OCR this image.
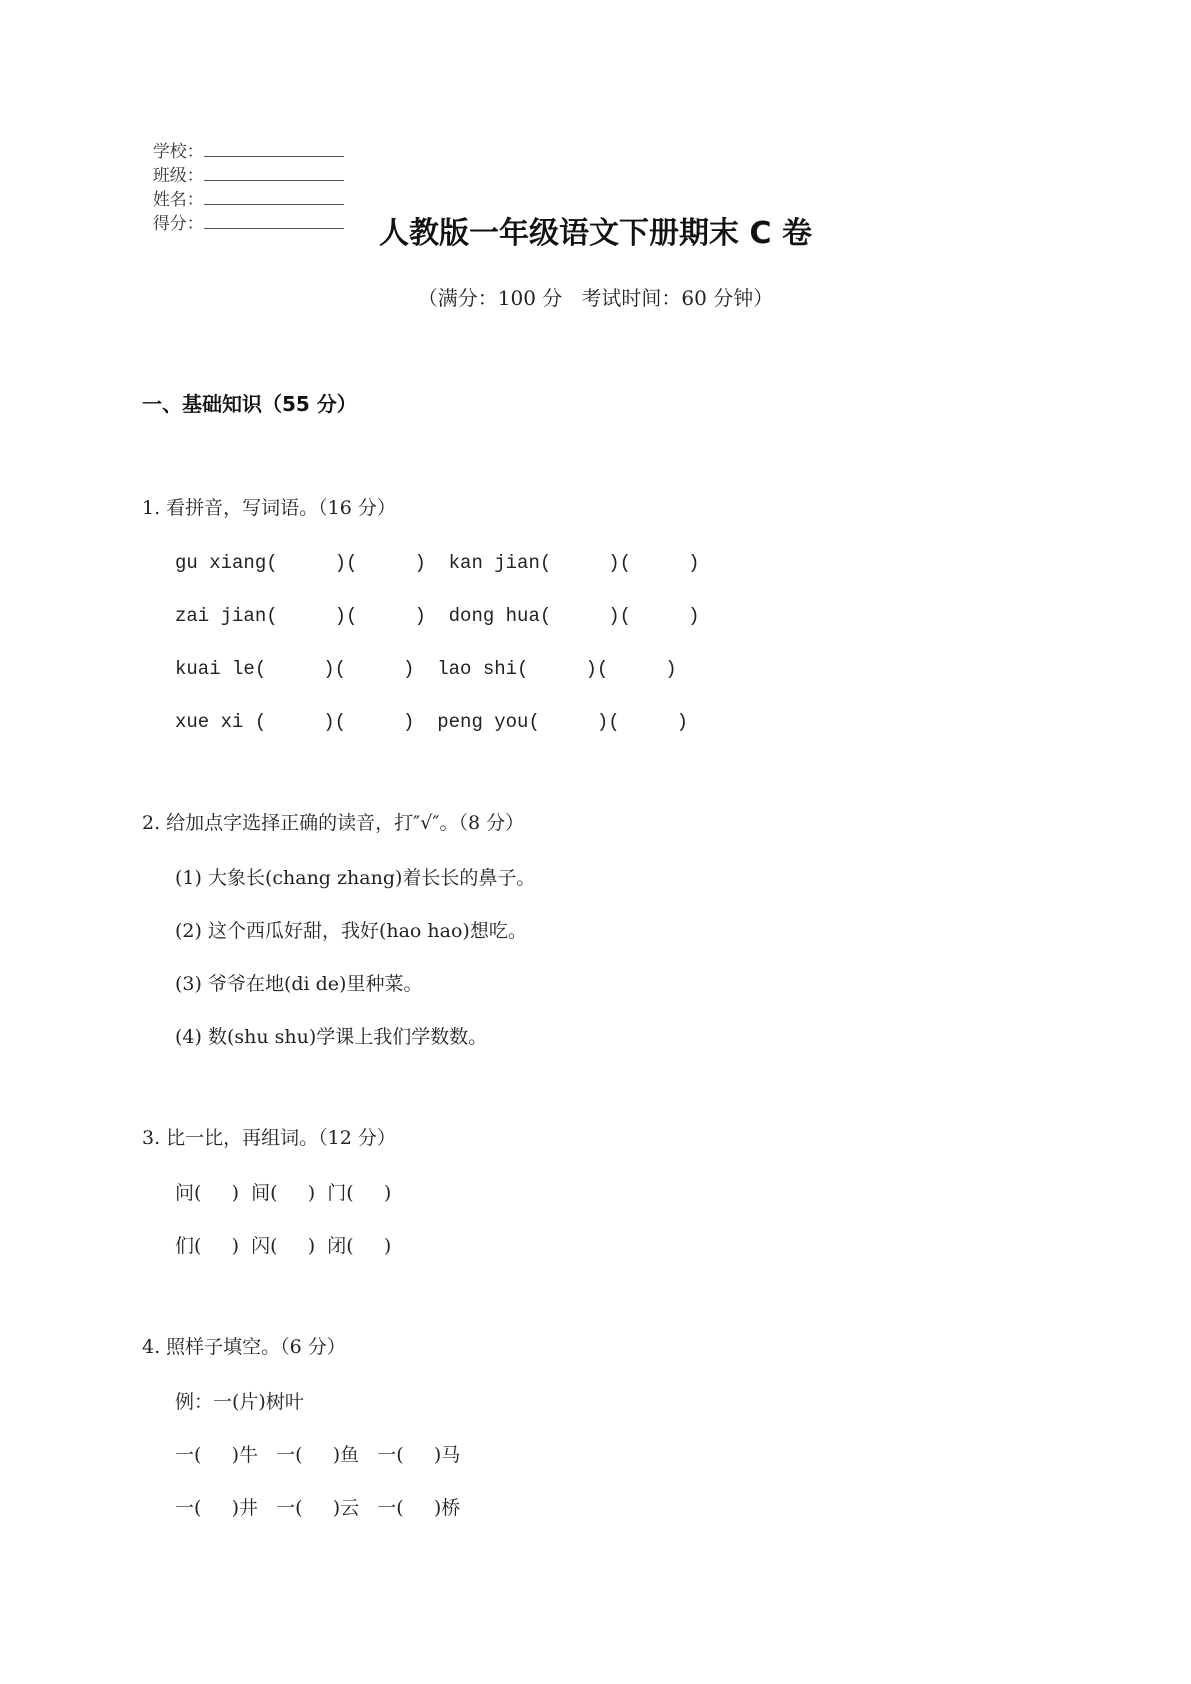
学校：
班级：
姓名：
得分：	人教版一年级语文下册期末 C 卷
（满分：100 分   考试时间：60 分钟）
一、基础知识（55 分）
1. 看拼音，写词语。（16 分）
gu xiang(     )(     )  kan jian(     )(     )
zai jian(     )(     )  dong hua(     )(     )
kuai le(     )(     )  lao shi(     )(     )
xue xi (     )(     )  peng you(     )(     )
2. 给加点字选择正确的读音，打″√″。（8 分）
(1) 大象长(chang zhang)着长长的鼻子。
(2) 这个西瓜好甜，我好(hao hao)想吃。
(3) 爷爷在地(di de)里种菜。
(4) 数(shu shu)学课上我们学数数。
3. 比一比，再组词。（12 分）
问(     )  间(     )  门(     )
们(     )  闪(     )  闭(     )
4. 照样子填空。（6 分）
例：一(片)树叶
一(     )牛   一(     )鱼   一(     )马
一(     )井   一(     )云   一(     )桥
